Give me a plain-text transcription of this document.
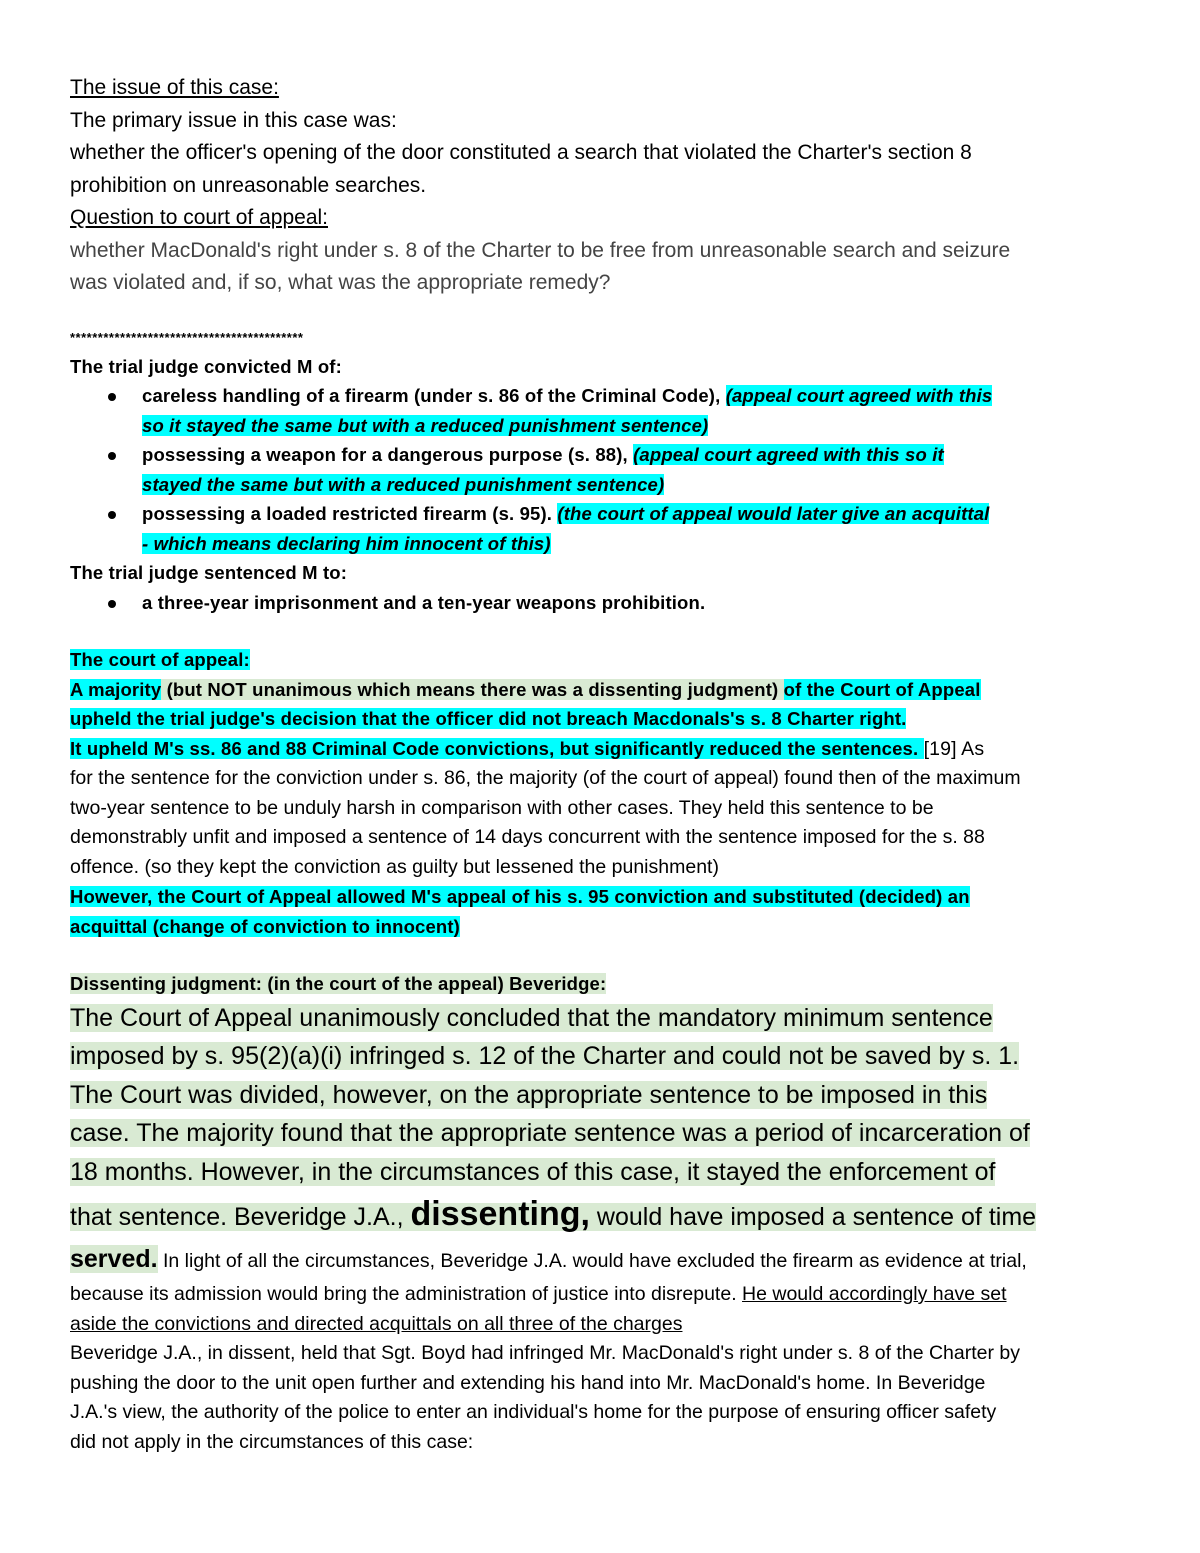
The issue of this case:

The primary issue in this case was:

whether the officer's opening of the door constituted a search that violated the Charter's section 8

prohibition on unreasonable searches.

Question to court of appeal:

whether MacDonald's right under s. 8 of the Charter to be free from unreasonable search and seizure

was violated and, if so, what was the appropriate remedy?

******************************************

The trial judge convicted M of:

careless handling of a firearm (under s. 86 of the Criminal Code), (appeal court agreed with this

so it stayed the same but with a reduced punishment sentence)

possessing a weapon for a dangerous purpose (s. 88), (appeal court agreed with this so it

stayed the same but with a reduced punishment sentence)

possessing a loaded restricted firearm (s. 95). (the court of appeal would later give an acquittal

- which means declaring him innocent of this)

The trial judge sentenced M to:

a three-year imprisonment and a ten-year weapons prohibition.

The court of appeal:

A majority (but NOT unanimous which means there was a dissenting judgment) of the Court of Appeal

upheld the trial judge's decision that the officer did not breach Macdonals's s. 8 Charter right.

It upheld M's ss. 86 and 88 Criminal Code convictions, but significantly reduced the sentences. [19] As

for the sentence for the conviction under s. 86, the majority (of the court of appeal) found then of the maximum

two-year sentence to be unduly harsh in comparison with other cases. They held this sentence to be

demonstrably unfit and imposed a sentence of 14 days concurrent with the sentence imposed for the s. 88

offence. (so they kept the conviction as guilty but lessened the punishment)

However, the Court of Appeal allowed M's appeal of his s. 95 conviction and substituted (decided) an

acquittal (change of conviction to innocent)

Dissenting judgment: (in the court of the appeal) Beveridge:

The Court of Appeal unanimously concluded that the mandatory minimum sentence

imposed by s. 95(2)(a)(i) infringed s. 12 of the Charter and could not be saved by s. 1.

The Court was divided, however, on the appropriate sentence to be imposed in this

case. The majority found that the appropriate sentence was a period of incarceration of

18 months. However, in the circumstances of this case, it stayed the enforcement of

that sentence. Beveridge J.A., dissenting, would have imposed a sentence of time

served. In light of all the circumstances, Beveridge J.A. would have excluded the firearm as evidence at trial,

because its admission would bring the administration of justice into disrepute. He would accordingly have set

aside the convictions and directed acquittals on all three of the charges

Beveridge J.A., in dissent, held that Sgt. Boyd had infringed Mr. MacDonald's right under s. 8 of the Charter by

pushing the door to the unit open further and extending his hand into Mr. MacDonald's home. In Beveridge

J.A.'s view, the authority of the police to enter an individual's home for the purpose of ensuring officer safety

did not apply in the circumstances of this case:
